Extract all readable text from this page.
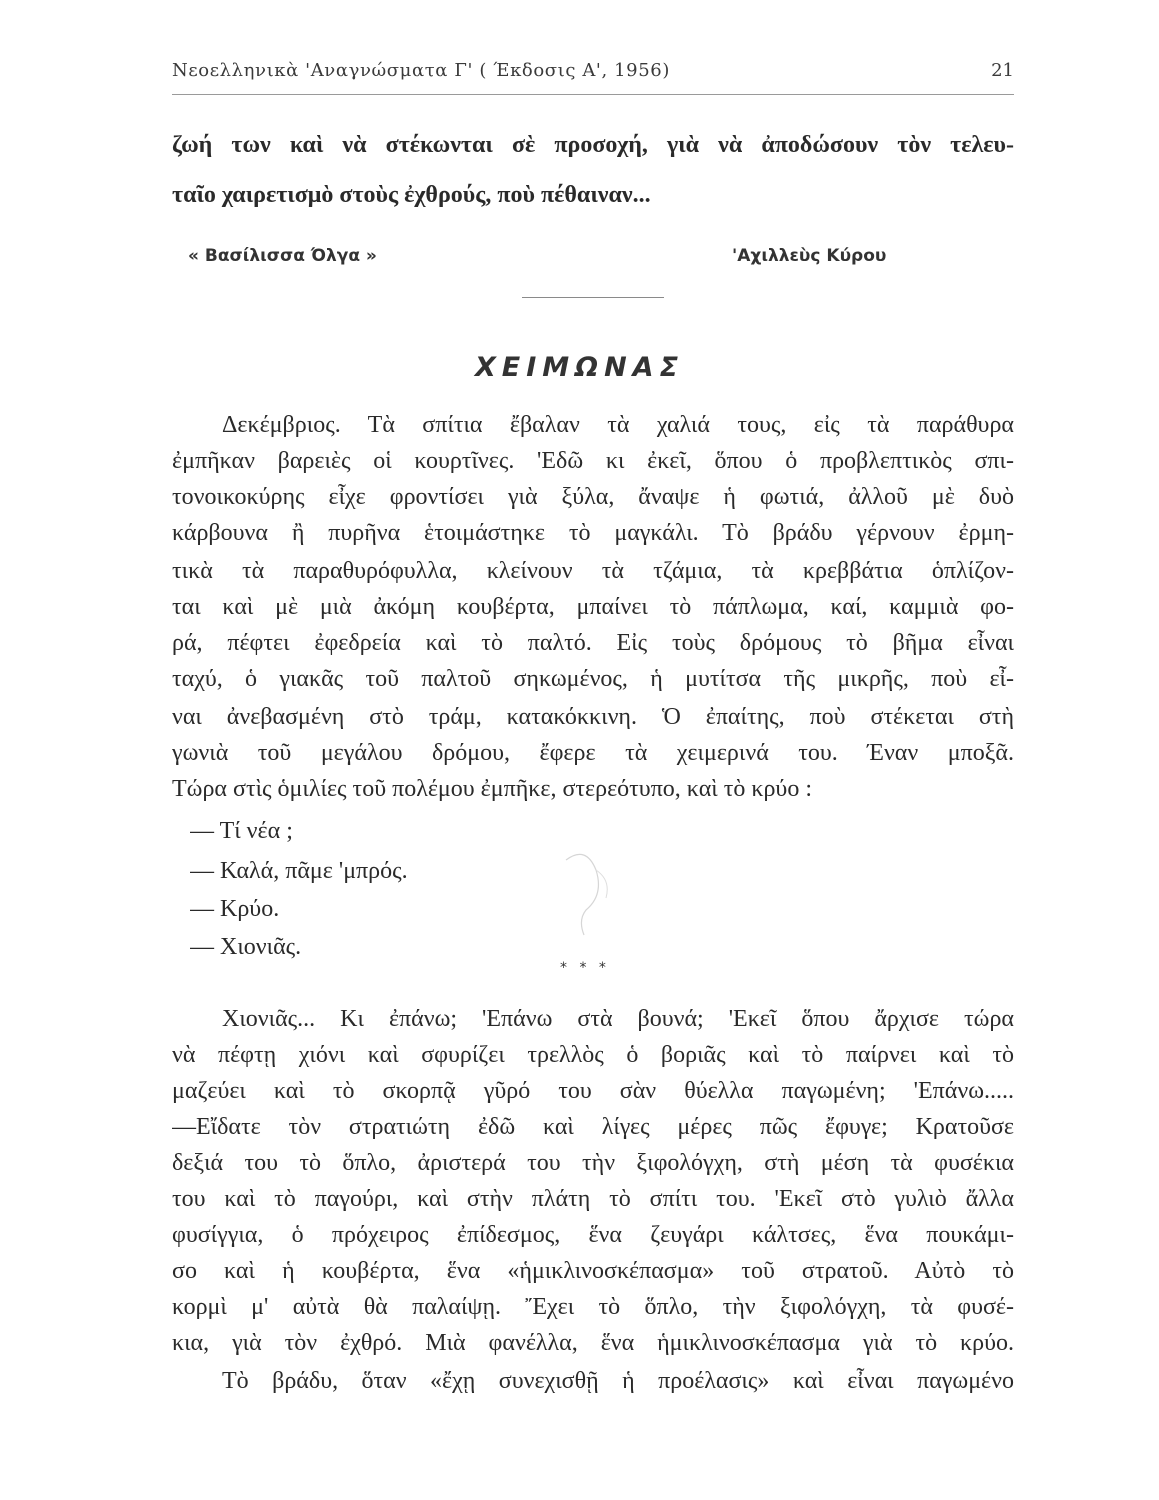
Νεοελληνικὰ 'Αναγνώσματα Γ' ( Έκδοσις Α', 1956)	21

ζωή των καὶ νὰ στέκωνται σὲ προσοχή, γιὰ νὰ ἀποδώσουν τὸν τελευ-

ταῖο χαιρετισμὸ στοὺς ἐχθρούς, ποὺ πέθαιναν...

« Βασίλισσα Όλγα »	'Αχιλλεὺς Κύρου
ΧΕΙΜΩΝΑΣ

Δεκέμβριος. Τὰ σπίτια ἔβαλαν τὰ χαλιά τους, εἰς τὰ παράθυρα

ἐμπῆκαν βαρειὲς οἱ κουρτῖνες. 'Εδῶ κι ἐκεῖ, ὅπου ὁ προβλεπτικὸς σπι-

τονοικοκύρης εἶχε φροντίσει γιὰ ξύλα, ἄναψε ἡ φωτιά, ἀλλοῦ μὲ δυὸ

κάρβουνα ἢ πυρῆνα ἑτοιμάστηκε τὸ μαγκάλι. Τὸ βράδυ γέρνουν ἐρμη-

τικὰ τὰ παραθυρόφυλλα, κλείνουν τὰ τζάμια, τὰ κρεββάτια ὁπλίζον-

ται καὶ μὲ μιὰ ἀκόμη κουβέρτα, μπαίνει τὸ πάπλωμα, καί, καμμιὰ φο-

ρά, πέφτει ἐφεδρεία καὶ τὸ παλτό. Εἰς τοὺς δρόμους τὸ βῆμα εἶναι

ταχύ, ὁ γιακᾶς τοῦ παλτοῦ σηκωμένος, ἡ μυτίτσα τῆς μικρῆς, ποὺ εἶ-

ναι ἀνεβασμένη στὸ τράμ, κατακόκκινη. Ὁ ἐπαίτης, ποὺ στέκεται στὴ

γωνιὰ τοῦ μεγάλου δρόμου, ἔφερε τὰ χειμερινά του. Έναν μποξᾶ.

Τώρα στὶς ὁμιλίες τοῦ πολέμου ἐμπῆκε, στερεότυπο, καὶ τὸ κρύο :

— Τί νέα ;

— Καλά, πᾶμε 'μπρός.

— Κρύο.

— Χιονιᾶς.

* * *

Χιονιᾶς... Κι ἐπάνω; 'Επάνω στὰ βουνά; 'Εκεῖ ὅπου ἄρχισε τώρα

νὰ πέφτῃ χιόνι καὶ σφυρίζει τρελλὸς ὁ βοριᾶς καὶ τὸ παίρνει καὶ τὸ

μαζεύει καὶ τὸ σκορπᾷ γῦρό του σὰν θύελλα παγωμένη; 'Επάνω.....

—Εἴδατε τὸν στρατιώτη ἐδῶ καὶ λίγες μέρες πῶς ἔφυγε; Κρατοῦσε

δεξιά του τὸ ὅπλο, ἀριστερά του τὴν ξιφολόγχη, στὴ μέση τὰ φυσέκια

του καὶ τὸ παγούρι, καὶ στὴν πλάτη τὸ σπίτι του. 'Εκεῖ στὸ γυλιὸ ἄλλα

φυσίγγια, ὁ πρόχειρος ἐπίδεσμος, ἕνα ζευγάρι κάλτσες, ἕνα πουκάμι-

σο καὶ ἡ κουβέρτα, ἕνα «ἡμικλινοσκέπασμα» τοῦ στρατοῦ. Αὐτὸ τὸ

κορμὶ μ' αὐτὰ θὰ παλαίψῃ. Ἔχει τὸ ὅπλο, τὴν ξιφολόγχη, τὰ φυσέ-

κια, γιὰ τὸν ἐχθρό. Μιὰ φανέλλα, ἕνα ἡμικλινοσκέπασμα γιὰ τὸ κρύο.

Τὸ βράδυ, ὅταν «ἔχῃ συνεχισθῇ ἡ προέλασις» καὶ εἶναι παγωμένο
